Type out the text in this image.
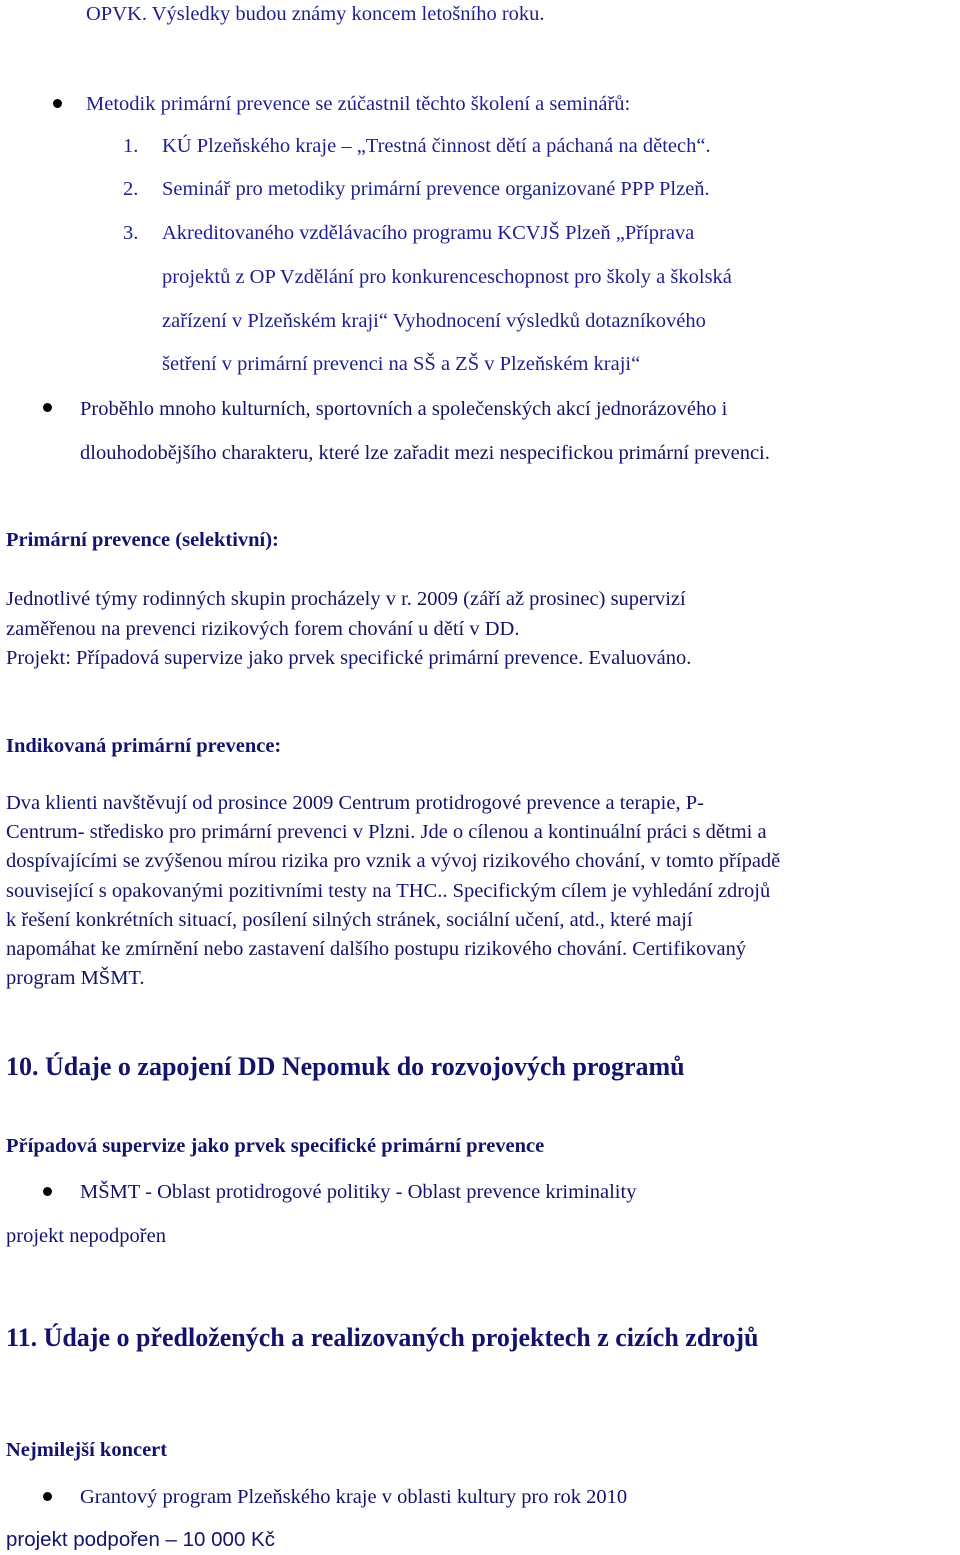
OPVK. Výsledky budou známy koncem letošního roku.
Metodik primární prevence se zúčastnil těchto školení a seminářů:
1. KÚ Plzeňského kraje – „Trestná činnost dětí a páchaná na dětech“.
2. Seminář pro metodiky primární prevence organizované PPP Plzeň.
3. Akreditovaného vzdělávacího programu KCVJŠ Plzeň „Příprava
projektů z OP Vzdělání pro konkurenceschopnost pro školy a školská
zařízení v Plzeňském kraji“ Vyhodnocení výsledků dotazníkového
šetření v primární prevenci na SŠ a ZŠ v Plzeňském kraji“
Proběhlo mnoho kulturních, sportovních a společenských akcí jednorázového i
dlouhodobějšího charakteru, které lze zařadit mezi nespecifickou primární prevenci.
Primární prevence (selektivní):
Jednotlivé týmy rodinných skupin procházely v r. 2009 (září až prosinec) supervizí
zaměřenou na prevenci rizikových forem chování u dětí v DD.
Projekt: Případová supervize jako prvek specifické primární prevence. Evaluováno.
Indikovaná primární prevence:
Dva klienti navštěvují od prosince 2009 Centrum protidrogové prevence a terapie, P-
Centrum- středisko pro primární prevenci v Plzni. Jde o cílenou a kontinuální práci s dětmi a
dospívajícími se zvýšenou mírou rizika pro vznik a vývoj rizikového chování, v tomto případě
související s opakovanými pozitivními testy na THC.. Specifickým cílem je vyhledání zdrojů
k řešení konkrétních situací, posílení silných stránek, sociální učení, atd., které mají
napomáhat ke zmírnění nebo zastavení dalšího postupu rizikového chování. Certifikovaný
program MŠMT.
10. Údaje o zapojení DD Nepomuk do rozvojových programů
Případová supervize jako prvek specifické primární prevence
MŠMT - Oblast protidrogové politiky - Oblast prevence kriminality
projekt nepodpořen
11. Údaje o předložených a realizovaných projektech z cizích zdrojů
Nejmilejší koncert
Grantový program Plzeňského kraje v oblasti kultury pro rok 2010
projekt podpořen – 10 000 Kč
